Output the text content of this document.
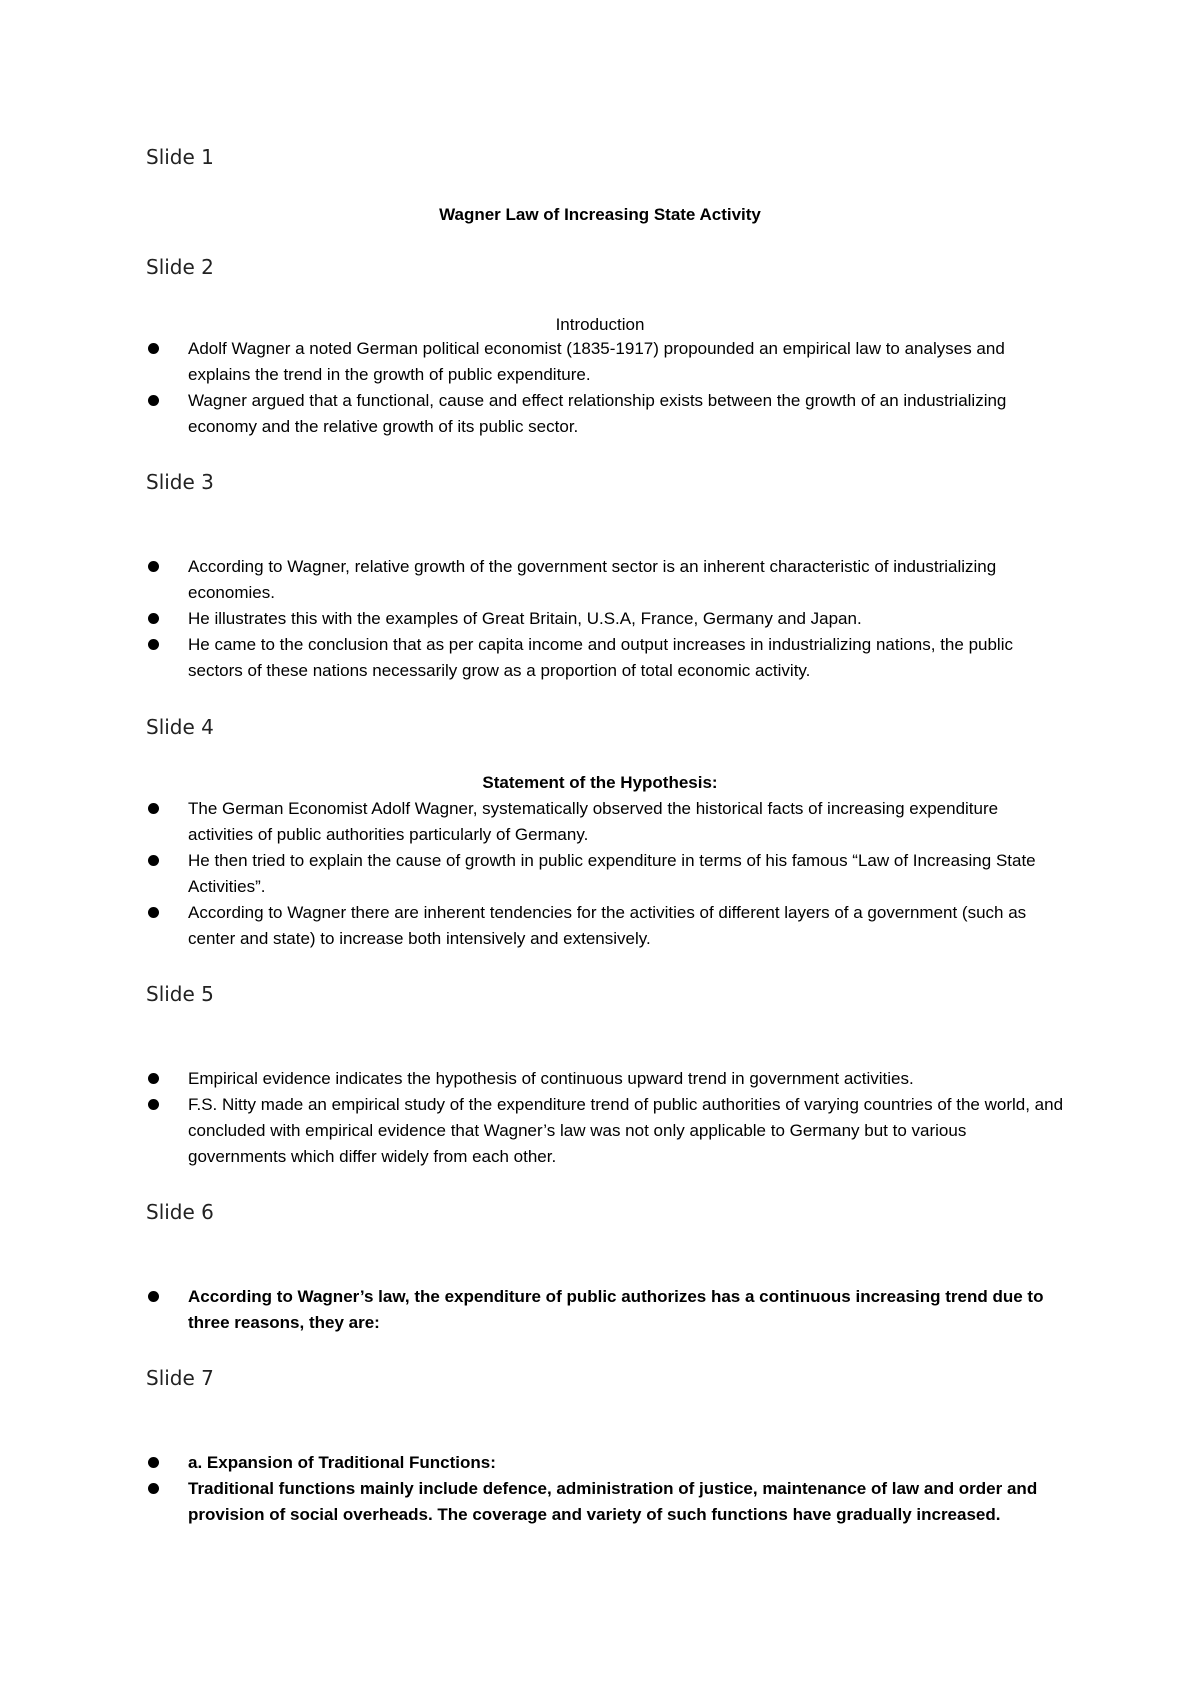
Slide 1

Wagner Law of Increasing State Activity

Slide 2

Introduction

Adolf Wagner a noted German political economist (1835-1917) propounded an empirical law to analyses and explains the trend in the growth of public expenditure.
Wagner argued that a functional, cause and effect relationship exists between the growth of an industrializing economy and the relative growth of its public sector.

Slide 3

According to Wagner, relative growth of the government sector is an inherent characteristic of industrializing economies.
He illustrates this with the examples of Great Britain, U.S.A, France, Germany and Japan.
He came to the conclusion that as per capita income and output increases in industrializing nations, the public sectors of these nations necessarily grow as a proportion of total economic activity.

Slide 4

Statement of the Hypothesis:

The German Economist Adolf Wagner, systematically observed the historical facts of increasing expenditure activities of public authorities particularly of Germany.
He then tried to explain the cause of growth in public expenditure in terms of his famous “Law of Increasing State Activities”.
According to Wagner there are inherent tendencies for the activities of different layers of a government (such as center and state) to increase both intensively and extensively.

Slide 5

Empirical evidence indicates the hypothesis of continuous upward trend in government activities.
F.S. Nitty made an empirical study of the expenditure trend of public authorities of varying countries of the world, and concluded with empirical evidence that Wagner’s law was not only applicable to Germany but to various governments which differ widely from each other.

Slide 6

According to Wagner’s law, the expenditure of public authorizes has a continuous increasing trend due to three reasons, they are:

Slide 7

a. Expansion of Traditional Functions:
Traditional functions mainly include defence, administration of justice, maintenance of law and order and provision of social overheads. The coverage and variety of such functions have gradually increased.
